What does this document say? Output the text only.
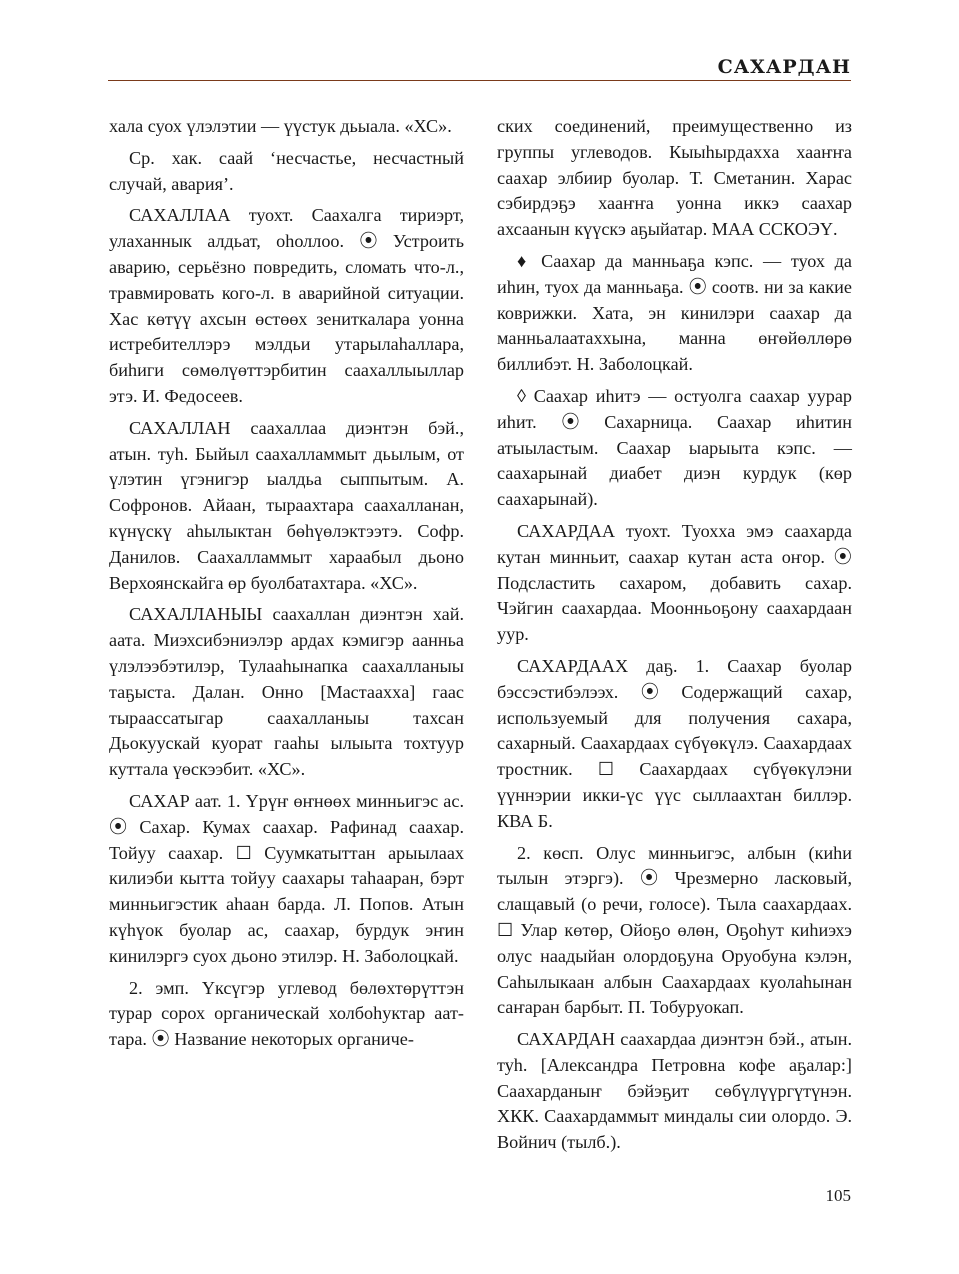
САХАРДАН

хала суох үлэлэтии — үүстук дьыала. «ХС».

Ср. хак. саай ‘несчастье, несчастный случай, авария’.

САХАЛЛАА туохт. Саахалга тириэрт, улаханнык алдьат, оһоллоо. ⦿ Устроить аварию, серьёзно повредить, сломать что-л., травмировать кого-л. в аварийной ситуации. Хас көтүү ахсын өстөөх зениткалара уонна истребителлэрэ мэлдьи утарылаһаллара, биһиги сөмөлүөттэрбитин саахаллыыллар этэ. И. Федосеев.

САХАЛЛАН саахаллаа диэнтэн бэй., атын. туһ. Быйыл саахалламмыт дьылым, от үлэтин үгэнигэр ыалдьа сыппытым. А. Софронов. Айаан, тыраахтара саахалланан, күнүскү аһылыктан бөһүөлэктээтэ. Софр. Данилов. Саахалламмыт хараабыл дьоно Верхоянскайга өр буолбатахтара. «ХС».

САХАЛЛАНЫЫ саахаллан диэнтэн хай. аата. Миэхсибэниэлэр ардах кэмигэр аанньа үлэлээбэтилэр, Тулааһынапка саахалланыы таҕыста. Далан. Онно [Мастааххa] гаас тыраассатыгар саахалланыы тахсан Дьокуускай куорат гааһы ылыыта тохтуур куттала үөскээбит. «ХС».

САХАР аат. 1. Үрүҥ өҥнөөх минньигэс ас. ⦿ Сахар. Кумах саахар. Рафинад саахар. Тойуу саахар. ☐ Суумкатыттан арыылаах килиэби кытта тойуу саахары таһааран, бэрт минньигэстик аһаан барда. Л. Попов. Атын күһүок буолар ас, саахар, бурдук эҥин кинилэргэ суох дьоно этилэр. Н. Заболоцкай.

2. эмп. Үксүгэр углевод бөлөхтөрүттэн турар сорох органическай холбоһуктар аат- тара. ⦿ Название некоторых органиче-

ских соединений, преимущественно из группы углеводов. Кыыһырдаххa хааҥҥа саахар элбиир буолар. Т. Сметанин. Харас сэбирдэҕэ хааҥҥа уонна иккэ саахар ахсаанын күүскэ аҕыйатар. МАА ССКОЭҮ.

♦ Саахар да манньаҕа кэпс. — туох да иһин, туох да манньаҕа. ⦿ соотв. ни за какие коврижки. Хата, эн кинилэри саахар да манньалаатаххына, манна өҥөйөллөрө биллибэт. Н. Заболоцкай.

◊ Саахар иһитэ — остуолга саахар уурар иһит. ⦿ Сахарница. Саахар иһитин атыыластым. Саахар ыарыыта кэпс. — саахарынай диабет диэн курдук (көр саахарынай).

САХАРДАА туохт. Туохха эмэ саахарда кутан минньит, саахар кутан аста оҥор. ⦿ Подсластить сахаром, добавить сахар. Чэйгин саахардаа. Моонньоҕону саахардаан уур.

САХАРДААХ даҕ. 1. Саахар буолар бэссэстибэлээх. ⦿ Содержащий сахар, используемый для получения сахара, сахарный. Саахардаах сүбүөкүлэ. Саахардаах тростник. ☐ Саахардаах сүбүөкүлэни үүннэрии икки-үс үүс сыллаахтан биллэр. КВА Б.

2. көсп. Олус минньигэс, албын (киһи тылын этэргэ). ⦿ Чрезмерно ласковый, слащавый (о речи, голосе). Тыла саахардаах. ☐ Улар көтөр, Ойоҕо өлөн, Оҕоһут киһиэхэ олус наадыйан олордоҕуна Оруобуна кэлэн, Саһылыкаан албын Саахардаах куолаһынан саҥаран барбыт. П. Тобуруокап.

САХАРДАН саахардаа диэнтэн бэй., атын. туһ. [Александра Петровна кофе аҕалар:] Саахарданыҥ бэйэҕит сөбүлүүргүтүнэн. ХКК. Саахардаммыт миндалы сии олордо. Э. Войнич (тылб.).

105
